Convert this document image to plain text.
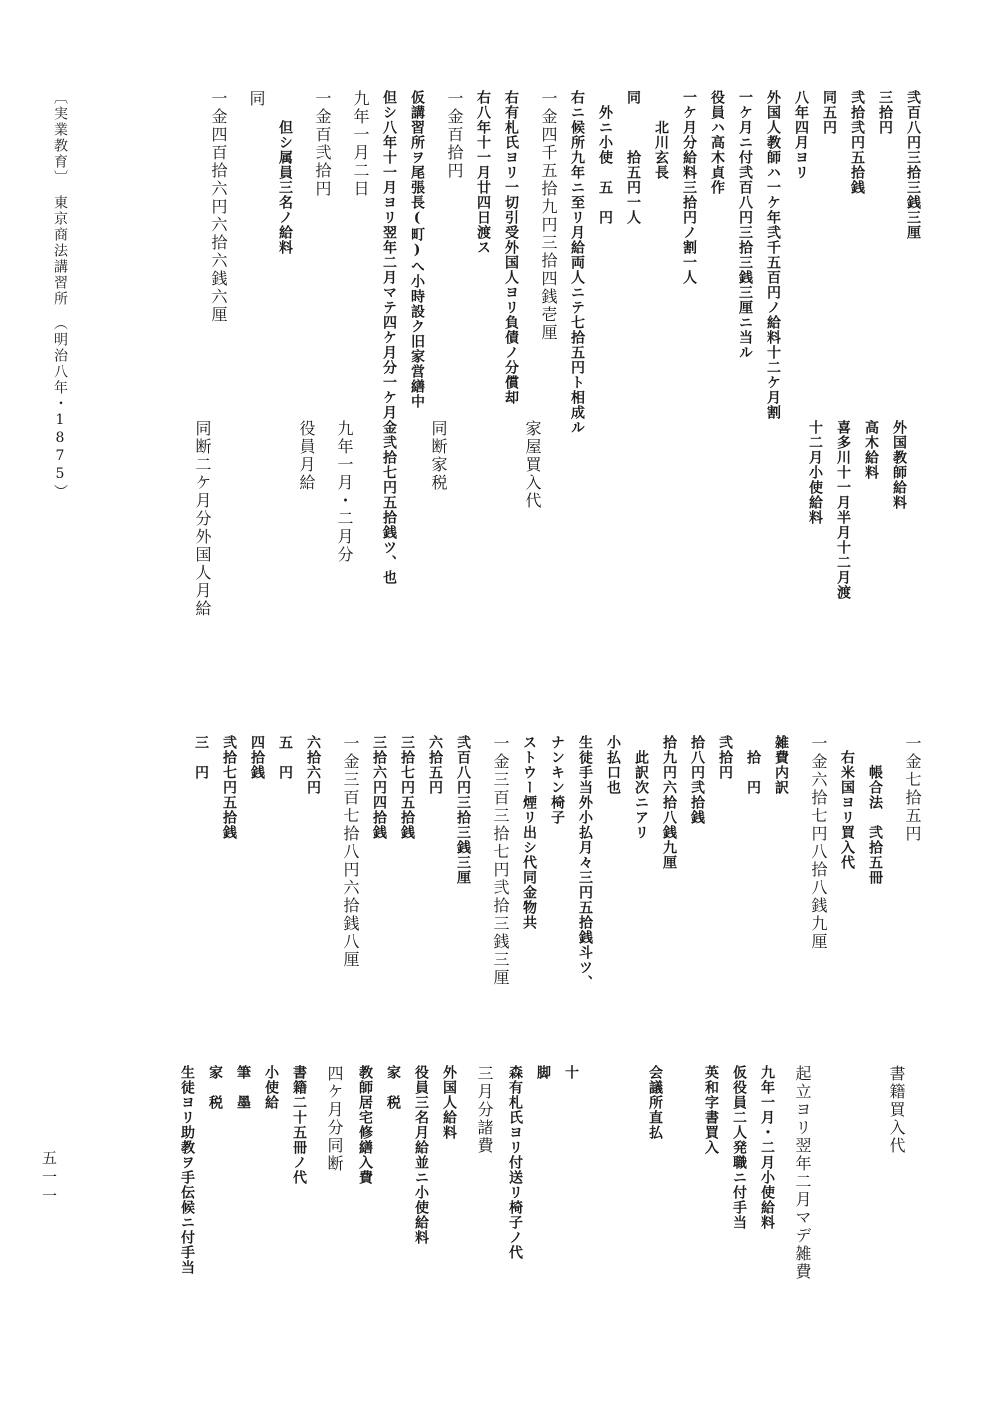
弐百八円三拾三銭三厘
外国教師給料
三拾円
高木給料
弐拾弐円五拾銭
喜多川十一月半月十二月渡
同五円
十二月小使給料
八年四月ヨリ
外国人教師ハ一ケ年弐千五百円ノ給料十二ケ月割
一ケ月ニ付弐百八円三拾三銭三厘ニ当ル
役員ハ高木貞作
一ケ月分給料三拾円ノ割一人
　　北川玄長
同　　　拾五円一人
　外ニ小使　五　円
右ニ候所九年ニ至リ月給両人ニテ七拾五円ト相成ル
一金四千五拾九円三拾四銭壱厘
家屋買入代
右有札氏ヨリ一切引受外国人ヨリ負債ノ分償却
右八年十一月廿四日渡ス
一金百拾円
同断家税
仮講習所ヲ尾張長(町)へ小時設ク旧家営繕中
但シ八年十一月ヨリ翌年二月マテ四ケ月分一ケ月金弐拾七円五拾銭ツ、也
九年一月二日
九年一月・二月分
一金百弐拾円
役員月給
　　但シ属員三名ノ給料
同
一金四百拾六円六拾六銭六厘
同断二ケ月分外国人月給
一金七拾五円
書籍買入代
　　帳合法　弐拾五冊
　右米国ヨリ買入代
一金六拾七円八拾八銭九厘
起立ヨリ翌年二月マデ雑費
雑費内訳
九年一月・二月小使給料
　拾　円
仮役員二人発職ニ付手当
弐拾円
英和字書買入
拾八円弐拾銭
拾九円六拾八銭九厘
会議所直払
　此訳次ニアリ
小払口也
生徒手当外小払月々三円五拾銭斗ツ、
十
ナンキン椅子
脚
ストウー煙リ出シ代同金物共
森有札氏ヨリ付送リ椅子ノ代
一金三百三拾七円弐拾三銭三厘
三月分諸費
弐百八円三拾三銭三厘
外国人給料
六拾五円
役員三名月給並ニ小使給料
三拾七円五拾銭
家　税
三拾六円四拾銭
教師居宅修繕入費
一金三百七拾八円六拾銭八厘
四ケ月分同断
六拾六円
書籍二十五冊ノ代
五　円
小使給
四拾銭
筆　墨
弐拾七円五拾銭
家　税
三　円
生徒ヨリ助教ヲ手伝候ニ付手当
〔実業教育〕　東京商法講習所　（明治八年・1875）
五一一
